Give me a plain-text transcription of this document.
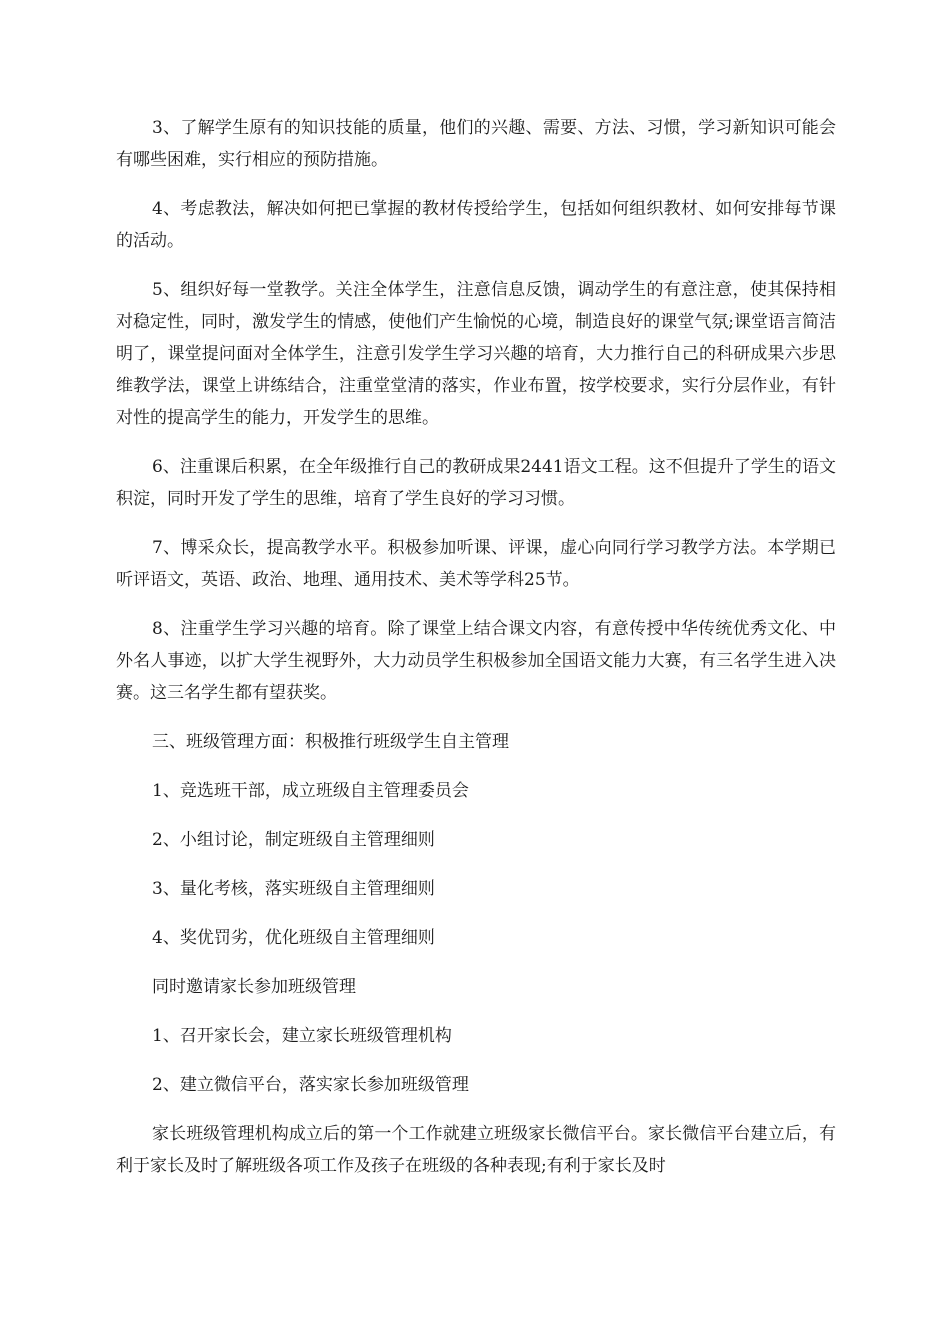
3、了解学生原有的知识技能的质量，他们的兴趣、需要、方法、习惯，学习新知识可能会有哪些困难，实行相应的预防措施。

4、考虑教法，解决如何把已掌握的教材传授给学生，包括如何组织教材、如何安排每节课的活动。

5、组织好每一堂教学。关注全体学生，注意信息反馈，调动学生的有意注意，使其保持相对稳定性，同时，激发学生的情感，使他们产生愉悦的心境，制造良好的课堂气氛;课堂语言简洁明了，课堂提问面对全体学生，注意引发学生学习兴趣的培育，大力推行自己的科研成果六步思维教学法，课堂上讲练结合，注重堂堂清的落实，作业布置，按学校要求，实行分层作业，有针对性的提高学生的能力，开发学生的思维。

6、注重课后积累，在全年级推行自己的教研成果2441语文工程。这不但提升了学生的语文积淀，同时开发了学生的思维，培育了学生良好的学习习惯。

7、博采众长，提高教学水平。积极参加听课、评课，虚心向同行学习教学方法。本学期已听评语文，英语、政治、地理、通用技术、美术等学科25节。

8、注重学生学习兴趣的培育。除了课堂上结合课文内容，有意传授中华传统优秀文化、中外名人事迹，以扩大学生视野外，大力动员学生积极参加全国语文能力大赛，有三名学生进入决赛。这三名学生都有望获奖。

三、班级管理方面：积极推行班级学生自主管理

1、竞选班干部，成立班级自主管理委员会

2、小组讨论，制定班级自主管理细则

3、量化考核，落实班级自主管理细则

4、奖优罚劣，优化班级自主管理细则

同时邀请家长参加班级管理

1、召开家长会，建立家长班级管理机构

2、建立微信平台，落实家长参加班级管理

家长班级管理机构成立后的第一个工作就建立班级家长微信平台。家长微信平台建立后，有利于家长及时了解班级各项工作及孩子在班级的各种表现;有利于家长及时
